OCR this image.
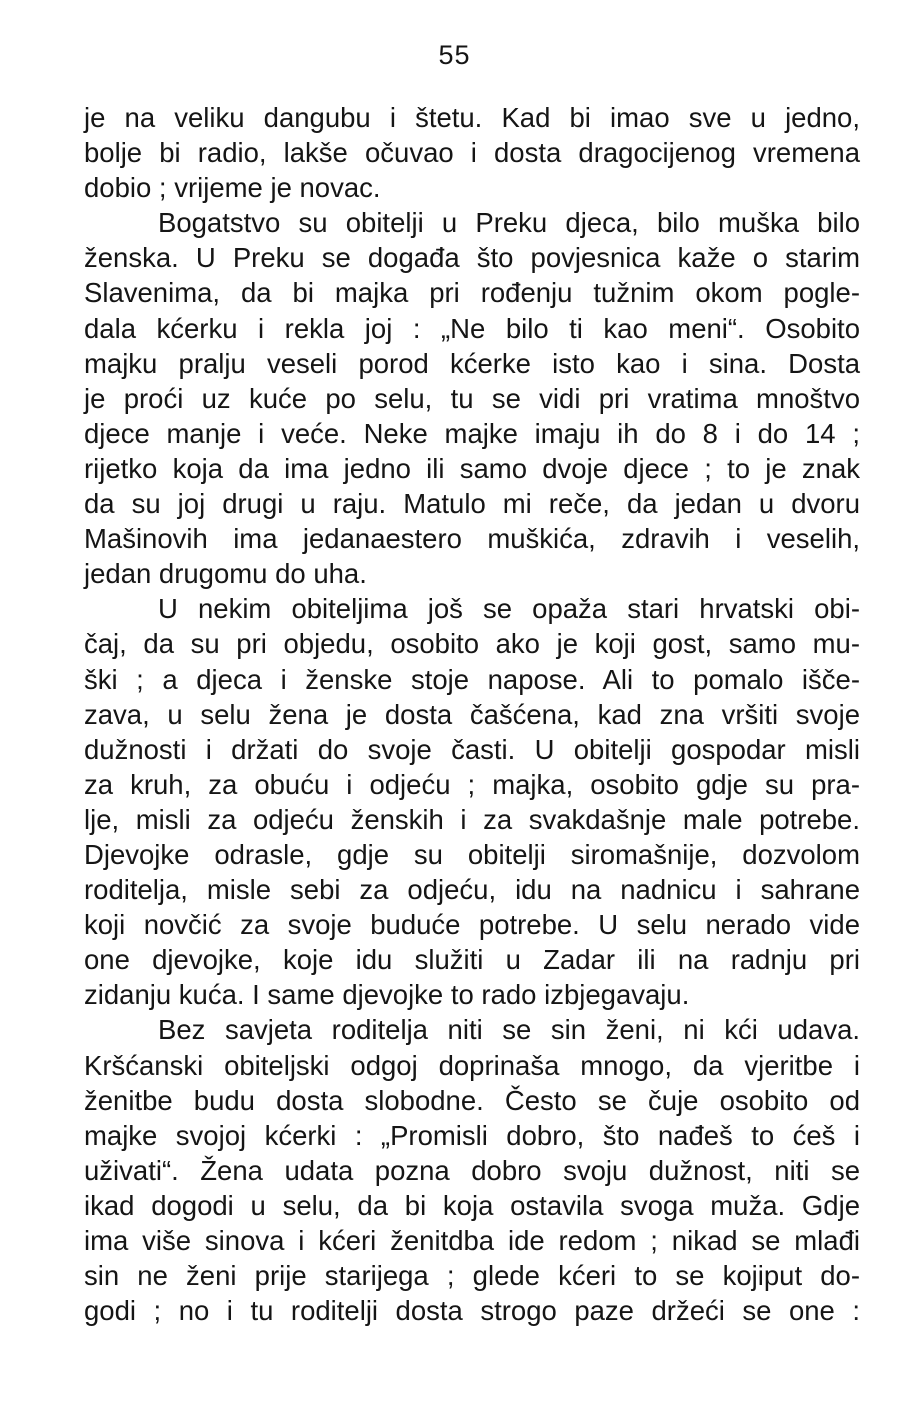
55
je na veliku dangubu i štetu. Kad bi imao sve u jedno,
bolje bi radio, lakše očuvao i dosta dragocijenog vremena
dobio ; vrijeme je novac.
Bogatstvo su obitelji u Preku djeca, bilo muška bilo
ženska. U Preku se događa što povjesnica kaže o starim
Slavenima, da bi majka pri rođenju tužnim okom pogle-
dala kćerku i rekla joj : „Ne bilo ti kao meni“. Osobito
majku pralju veseli porod kćerke isto kao i sina. Dosta
je proći uz kuće po selu, tu se vidi pri vratima mnoštvo
djece manje i veće. Neke majke imaju ih do 8 i do 14 ;
rijetko koja da ima jedno ili samo dvoje djece ; to je znak
da su joj drugi u raju. Matulo mi reče, da jedan u dvoru
Mašinovih ima jedanaestero muškića, zdravih i veselih,
jedan drugomu do uha.
U nekim obiteljima još se opaža stari hrvatski obi-
čaj, da su pri objedu, osobito ako je koji gost, samo mu-
ški ; a djeca i ženske stoje napose. Ali to pomalo išče-
zava, u selu žena je dosta čašćena, kad zna vršiti svoje
dužnosti i držati do svoje časti. U obitelji gospodar misli
za kruh, za obuću i odjeću ; majka, osobito gdje su pra-
lje, misli za odjeću ženskih i za svakdašnje male potrebe.
Djevojke odrasle, gdje su obitelji siromašnije, dozvolom
roditelja, misle sebi za odjeću, idu na nadnicu i sahrane
koji novčić za svoje buduće potrebe. U selu nerado vide
one djevojke, koje idu služiti u Zadar ili na radnju pri
zidanju kuća. I same djevojke to rado izbjegavaju.
Bez savjeta roditelja niti se sin ženi, ni kći udava.
Kršćanski obiteljski odgoj doprinaša mnogo, da vjeritbe i
ženitbe budu dosta slobodne. Često se čuje osobito od
majke svojoj kćerki : „Promisli dobro, što nađeš to ćeš i
uživati“. Žena udata pozna dobro svoju dužnost, niti se
ikad dogodi u selu, da bi koja ostavila svoga muža. Gdje
ima više sinova i kćeri ženitdba ide redom ; nikad se mlađi
sin ne ženi prije starijega ; glede kćeri to se kojiput do-
godi ; no i tu roditelji dosta strogo paze držeći se one :
